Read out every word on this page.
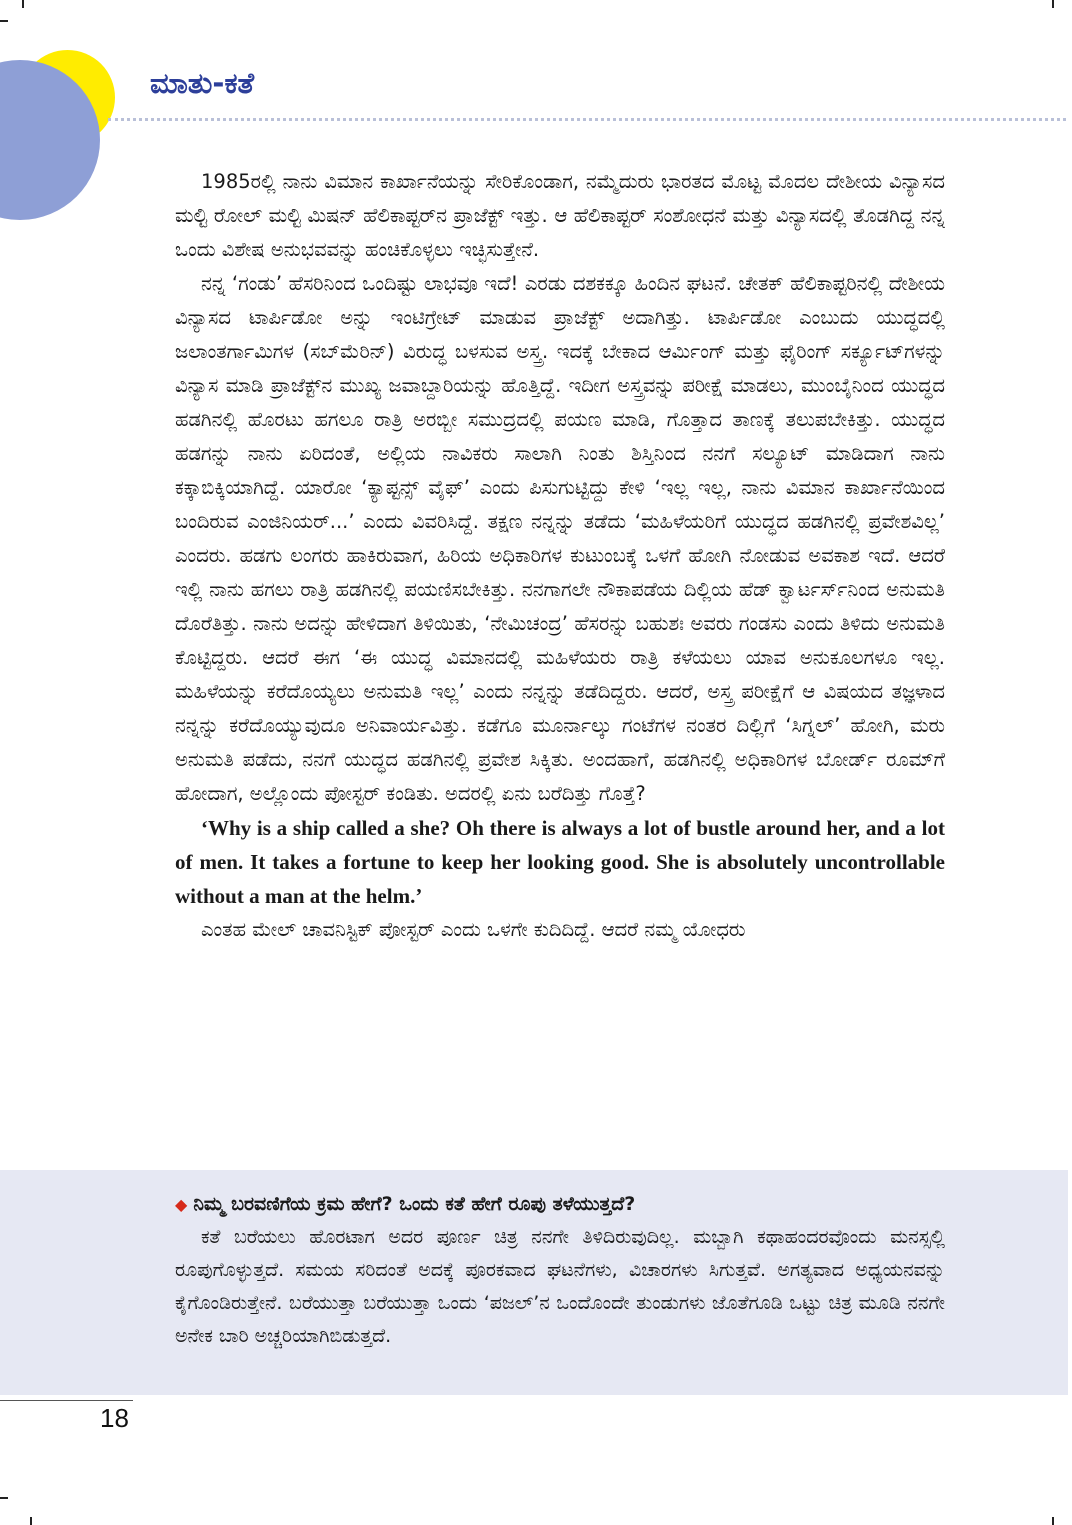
ಮಾತು-ಕತೆ

1985ರಲ್ಲಿ ನಾನು ವಿಮಾನ ಕಾರ್ಖಾನೆಯನ್ನು ಸೇರಿಕೊಂಡಾಗ, ನಮ್ಮೆದುರು ಭಾರತದ ಮೊಟ್ಟ ಮೊದಲ ದೇಶೀಯ ವಿನ್ಯಾಸದ ಮಲ್ಟಿ ರೋಲ್ ಮಲ್ಟಿ ಮಿಷನ್ ಹೆಲಿಕಾಪ್ಟರ್‌ನ ಪ್ರಾಜೆಕ್ಟ್ ಇತ್ತು. ಆ ಹೆಲಿಕಾಪ್ಟರ್ ಸಂಶೋಧನೆ ಮತ್ತು ವಿನ್ಯಾಸದಲ್ಲಿ ತೊಡಗಿದ್ದ ನನ್ನ ಒಂದು ವಿಶೇಷ ಅನುಭವವನ್ನು ಹಂಚಿಕೊಳ್ಳಲು ಇಚ್ಛಿಸುತ್ತೇನೆ.

ನನ್ನ ‘ಗಂಡು’ ಹೆಸರಿನಿಂದ ಒಂದಿಷ್ಟು ಲಾಭವೂ ಇದೆ! ಎರಡು ದಶಕಕ್ಕೂ ಹಿಂದಿನ ಘಟನೆ. ಚೇತಕ್ ಹೆಲಿಕಾಪ್ಟರಿನಲ್ಲಿ ದೇಶೀಯ ವಿನ್ಯಾಸದ ಟಾರ್ಪಿಡೋ ಅನ್ನು ಇಂಟಿಗ್ರೇಟ್ ಮಾಡುವ ಪ್ರಾಜೆಕ್ಟ್ ಅದಾಗಿತ್ತು. ಟಾರ್ಪಿಡೋ ಎಂಬುದು ಯುದ್ಧದಲ್ಲಿ ಜಲಾಂತರ್ಗಾಮಿಗಳ (ಸಬ್‌ಮೆರಿನ್) ವಿರುದ್ಧ ಬಳಸುವ ಅಸ್ತ್ರ. ಇದಕ್ಕೆ ಬೇಕಾದ ಆರ್ಮಿಂಗ್ ಮತ್ತು ಫೈರಿಂಗ್ ಸರ್ಕ್ಯೂಟ್‌ಗಳನ್ನು ವಿನ್ಯಾಸ ಮಾಡಿ ಪ್ರಾಜೆಕ್ಟ್‌ನ ಮುಖ್ಯ ಜವಾಬ್ದಾರಿಯನ್ನು ಹೊತ್ತಿದ್ದೆ. ಇದೀಗ ಅಸ್ತ್ರವನ್ನು ಪರೀಕ್ಷೆ ಮಾಡಲು, ಮುಂಬೈನಿಂದ ಯುದ್ಧದ ಹಡಗಿನಲ್ಲಿ ಹೊರಟು ಹಗಲೂ ರಾತ್ರಿ ಅರಬ್ಬೀ ಸಮುದ್ರದಲ್ಲಿ ಪಯಣ ಮಾಡಿ, ಗೊತ್ತಾದ ತಾಣಕ್ಕೆ ತಲುಪಬೇಕಿತ್ತು. ಯುದ್ಧದ ಹಡಗನ್ನು ನಾನು ಏರಿದಂತೆ, ಅಲ್ಲಿಯ ನಾವಿಕರು ಸಾಲಾಗಿ ನಿಂತು ಶಿಸ್ತಿನಿಂದ ನನಗೆ ಸಲ್ಯೂಟ್ ಮಾಡಿದಾಗ ನಾನು ಕಕ್ಕಾಬಿಕ್ಕಿಯಾಗಿದ್ದೆ. ಯಾರೋ ‘ಕ್ಯಾಪ್ಟನ್ಸ್ ವೈಫ್’ ಎಂದು ಪಿಸುಗುಟ್ಟಿದ್ದು ಕೇಳಿ ‘ಇಲ್ಲ ಇಲ್ಲ, ನಾನು ವಿಮಾನ ಕಾರ್ಖಾನೆಯಿಂದ ಬಂದಿರುವ ಎಂಜಿನಿಯರ್...’ ಎಂದು ವಿವರಿಸಿದ್ದೆ. ತಕ್ಷಣ ನನ್ನನ್ನು ತಡೆದು ‘ಮಹಿಳೆಯರಿಗೆ ಯುದ್ಧದ ಹಡಗಿನಲ್ಲಿ ಪ್ರವೇಶವಿಲ್ಲ’ ಎಂದರು. ಹಡಗು ಲಂಗರು ಹಾಕಿರುವಾಗ, ಹಿರಿಯ ಅಧಿಕಾರಿಗಳ ಕುಟುಂಬಕ್ಕೆ ಒಳಗೆ ಹೋಗಿ ನೋಡುವ ಅವಕಾಶ ಇದೆ. ಆದರೆ ಇಲ್ಲಿ ನಾನು ಹಗಲು ರಾತ್ರಿ ಹಡಗಿನಲ್ಲಿ ಪಯಣಿಸಬೇಕಿತ್ತು. ನನಗಾಗಲೇ ನೌಕಾಪಡೆಯ ದಿಲ್ಲಿಯ ಹೆಡ್ ಕ್ವಾರ್ಟರ್ಸ್‌ನಿಂದ ಅನುಮತಿ ದೊರೆತಿತ್ತು. ನಾನು ಅದನ್ನು ಹೇಳಿದಾಗ ತಿಳಿಯಿತು, ‘ನೇಮಿಚಂದ್ರ’ ಹೆಸರನ್ನು ಬಹುಶಃ ಅವರು ಗಂಡಸು ಎಂದು ತಿಳಿದು ಅನುಮತಿ ಕೊಟ್ಟಿದ್ದರು. ಆದರೆ ಈಗ ‘ಈ ಯುದ್ಧ ವಿಮಾನದಲ್ಲಿ ಮಹಿಳೆಯರು ರಾತ್ರಿ ಕಳೆಯಲು ಯಾವ ಅನುಕೂಲಗಳೂ ಇಲ್ಲ. ಮಹಿಳೆಯನ್ನು ಕರೆದೊಯ್ಯಲು ಅನುಮತಿ ಇಲ್ಲ’ ಎಂದು ನನ್ನನ್ನು ತಡೆದಿದ್ದರು. ಆದರೆ, ಅಸ್ತ್ರ ಪರೀಕ್ಷೆಗೆ ಆ ವಿಷಯದ ತಜ್ಞಳಾದ ನನ್ನನ್ನು ಕರೆದೊಯ್ಯುವುದೂ ಅನಿವಾರ್ಯವಿತ್ತು. ಕಡೆಗೂ ಮೂರ್ನಾಲ್ಕು ಗಂಟೆಗಳ ನಂತರ ದಿಲ್ಲಿಗೆ ‘ಸಿಗ್ನಲ್’ ಹೋಗಿ, ಮರು ಅನುಮತಿ ಪಡೆದು, ನನಗೆ ಯುದ್ಧದ ಹಡಗಿನಲ್ಲಿ ಪ್ರವೇಶ ಸಿಕ್ಕಿತು. ಅಂದಹಾಗೆ, ಹಡಗಿನಲ್ಲಿ ಅಧಿಕಾರಿಗಳ ಬೋರ್ಡ್ ರೂಮ್‌ಗೆ ಹೋದಾಗ, ಅಲ್ಲೊಂದು ಪೋಸ್ಟರ್ ಕಂಡಿತು. ಅದರಲ್ಲಿ ಏನು ಬರೆದಿತ್ತು ಗೊತ್ತೆ?

‘Why is a ship called a she? Oh there is always a lot of bustle around her, and a lot of men. It takes a fortune to keep her looking good. She is absolutely uncontrollable without a man at the helm.’

ಎಂತಹ ಮೇಲ್ ಚಾವನಿಸ್ಟಿಕ್ ಪೋಸ್ಟರ್ ಎಂದು ಒಳಗೇ ಕುದಿದಿದ್ದೆ. ಆದರೆ ನಮ್ಮ ಯೋಧರು

◆ ನಿಮ್ಮ ಬರವಣಿಗೆಯ ಕ್ರಮ ಹೇಗೆ? ಒಂದು ಕತೆ ಹೇಗೆ ರೂಪು ತಳೆಯುತ್ತದೆ?

ಕತೆ ಬರೆಯಲು ಹೊರಟಾಗ ಅದರ ಪೂರ್ಣ ಚಿತ್ರ ನನಗೇ ತಿಳಿದಿರುವುದಿಲ್ಲ. ಮಬ್ಬಾಗಿ ಕಥಾಹಂದರವೊಂದು ಮನಸ್ಸಲ್ಲಿ ರೂಪುಗೊಳ್ಳುತ್ತದೆ. ಸಮಯ ಸರಿದಂತೆ ಅದಕ್ಕೆ ಪೂರಕವಾದ ಘಟನೆಗಳು, ವಿಚಾರಗಳು ಸಿಗುತ್ತವೆ. ಅಗತ್ಯವಾದ ಅಧ್ಯಯನವನ್ನು ಕೈಗೊಂಡಿರುತ್ತೇನೆ. ಬರೆಯುತ್ತಾ ಬರೆಯುತ್ತಾ ಒಂದು ‘ಪಜಲ್’ನ ಒಂದೊಂದೇ ತುಂಡುಗಳು ಜೊತೆಗೂಡಿ ಒಟ್ಟು ಚಿತ್ರ ಮೂಡಿ ನನಗೇ ಅನೇಕ ಬಾರಿ ಅಚ್ಚರಿಯಾಗಿಬಿಡುತ್ತದೆ.

18
